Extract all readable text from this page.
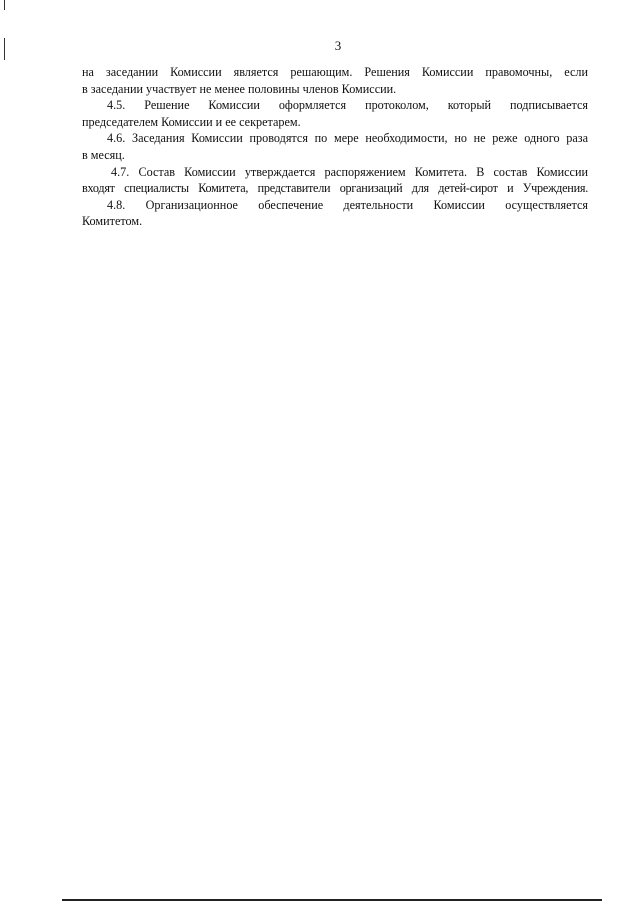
3
на заседании Комиссии является решающим. Решения Комиссии правомочны, если
в заседании участвует не менее половины членов Комиссии.
4.5. Решение Комиссии оформляется протоколом, который подписывается
председателем Комиссии и ее секретарем.
4.6. Заседания Комиссии проводятся по мере необходимости, но не реже одного раза
в месяц.
4.7. Состав Комиссии утверждается распоряжением Комитета. В состав Комиссии
входят специалисты Комитета, представители организаций для детей-сирот и Учреждения.
4.8. Организационное обеспечение деятельности Комиссии осуществляется
Комитетом.
